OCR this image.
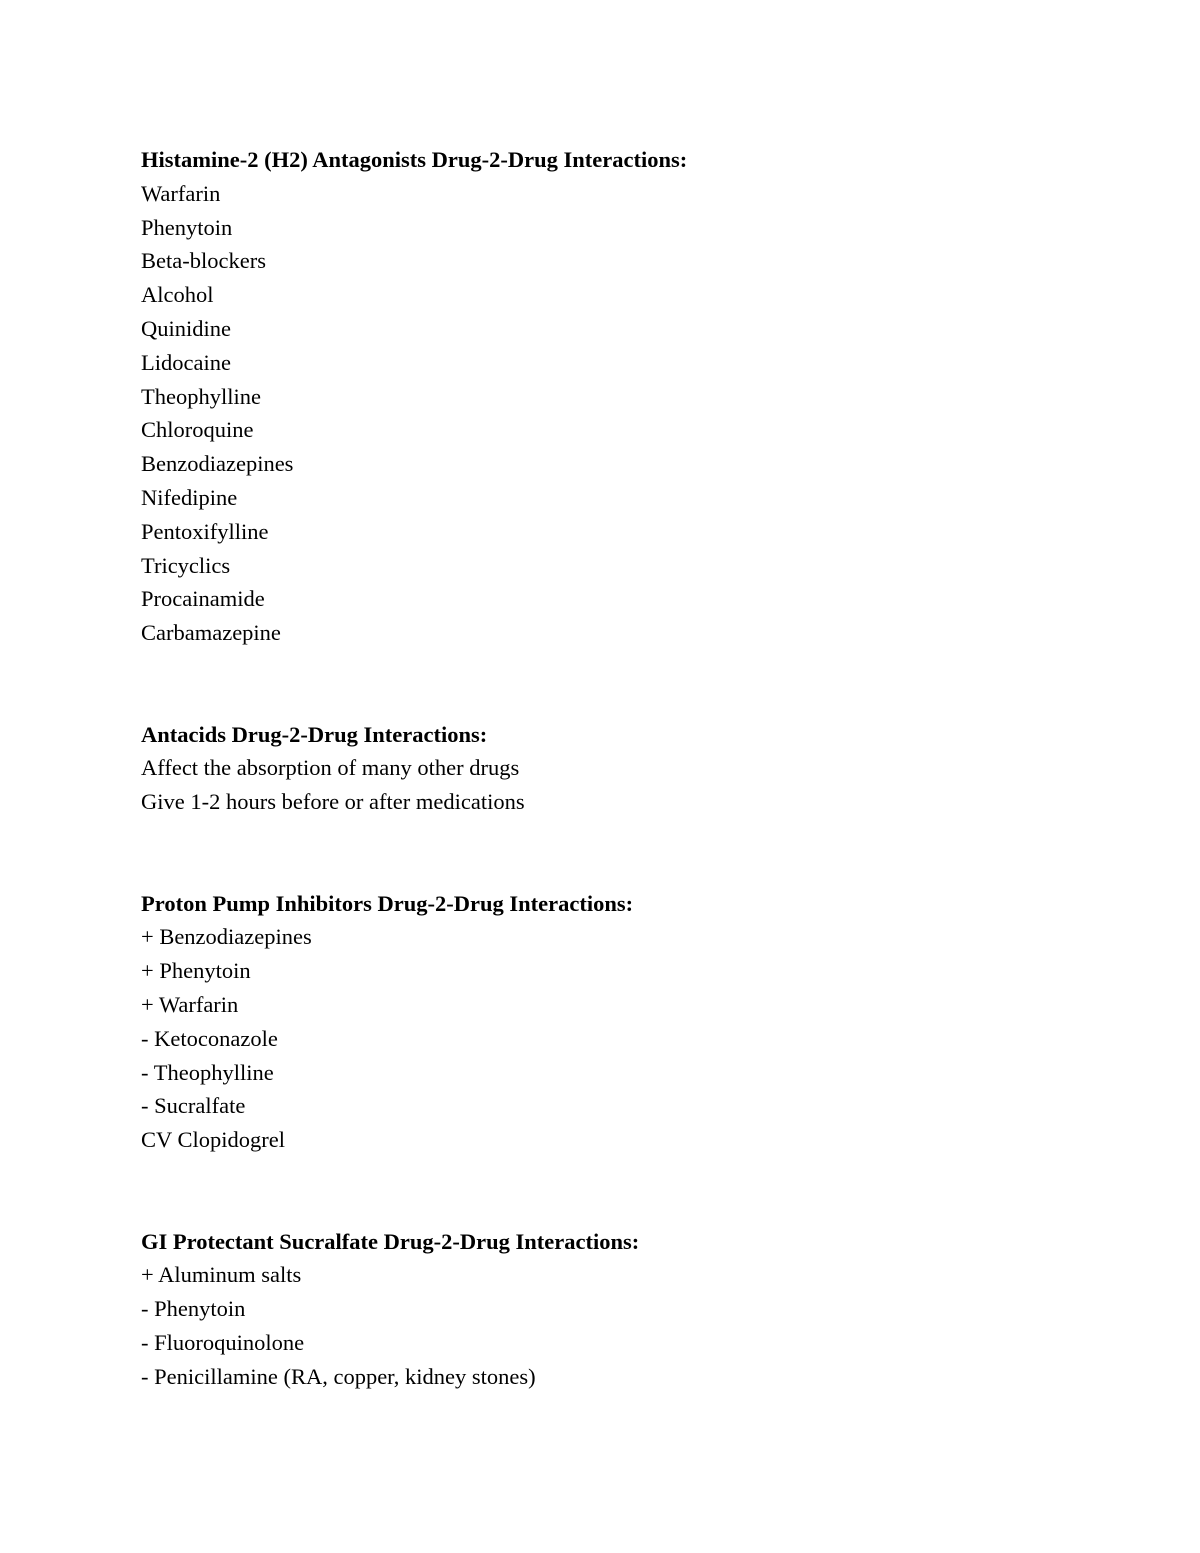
Histamine-2 (H2) Antagonists Drug-2-Drug Interactions:

Warfarin

Phenytoin

Beta-blockers

Alcohol

Quinidine

Lidocaine

Theophylline

Chloroquine

Benzodiazepines

Nifedipine

Pentoxifylline

Tricyclics

Procainamide

Carbamazepine

Antacids Drug-2-Drug Interactions:

Affect the absorption of many other drugs

Give 1-2 hours before or after medications

Proton Pump Inhibitors Drug-2-Drug Interactions:

+ Benzodiazepines

+ Phenytoin

+ Warfarin

- Ketoconazole

- Theophylline

- Sucralfate

CV Clopidogrel

GI Protectant Sucralfate Drug-2-Drug Interactions:

+ Aluminum salts

- Phenytoin

- Fluoroquinolone

- Penicillamine (RA, copper, kidney stones)
